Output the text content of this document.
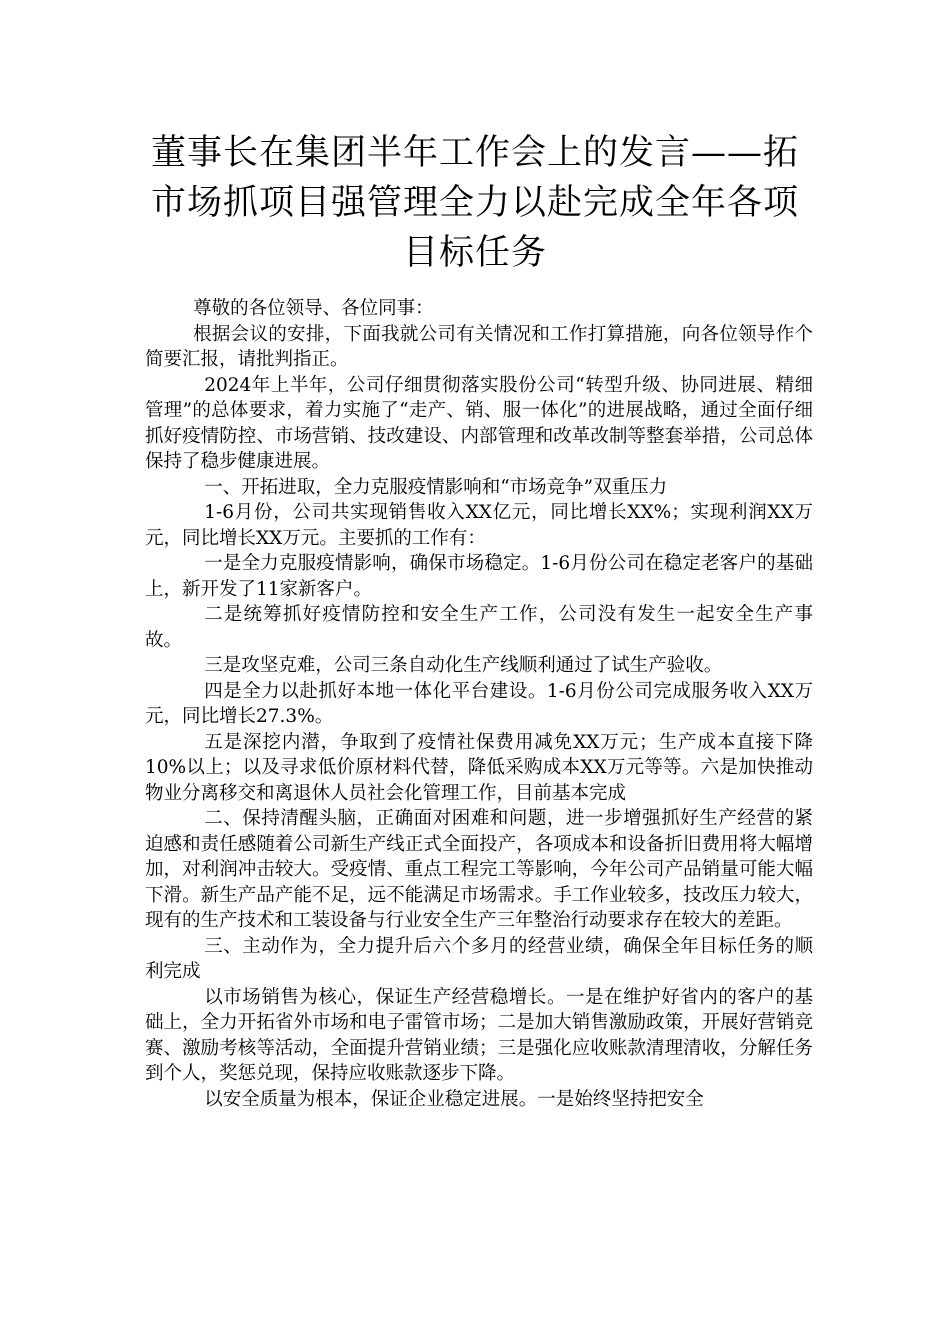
董事长在集团半年工作会上的发言——拓
市场抓项目强管理全力以赴完成全年各项
目标任务

尊敬的各位领导、各位同事：

根据会议的安排，下面我就公司有关情况和工作打算措施，向各位领导作个简要汇报，请批判指正。

2024年上半年，公司仔细贯彻落实股份公司“转型升级、协同进展、精细管理”的总体要求，着力实施了“走产、销、服一体化”的进展战略，通过全面仔细抓好疫情防控、市场营销、技改建设、内部管理和改革改制等整套举措，公司总体保持了稳步健康进展。

一、开拓进取，全力克服疫情影响和“市场竞争”双重压力

1-6月份，公司共实现销售收入XX亿元，同比增长XX%；实现利润XX万元，同比增长XX万元。主要抓的工作有：

一是全力克服疫情影响，确保市场稳定。1-6月份公司在稳定老客户的基础上，新开发了11家新客户。

二是统筹抓好疫情防控和安全生产工作，公司没有发生一起安全生产事故。

三是攻坚克难，公司三条自动化生产线顺利通过了试生产验收。

四是全力以赴抓好本地一体化平台建设。1-6月份公司完成服务收入XX万元，同比增长27.3%。

五是深挖内潜，争取到了疫情社保费用减免XX万元；生产成本直接下降10%以上；以及寻求低价原材料代替，降低采购成本XX万元等等。六是加快推动物业分离移交和离退休人员社会化管理工作，目前基本完成

二、保持清醒头脑，正确面对困难和问题，进一步增强抓好生产经营的紧迫感和责任感随着公司新生产线正式全面投产，各项成本和设备折旧费用将大幅增加，对利润冲击较大。受疫情、重点工程完工等影响，今年公司产品销量可能大幅下滑。新生产品产能不足，远不能满足市场需求。手工作业较多，技改压力较大，现有的生产技术和工装设备与行业安全生产三年整治行动要求存在较大的差距。

三、主动作为，全力提升后六个多月的经营业绩，确保全年目标任务的顺利完成

以市场销售为核心，保证生产经营稳增长。一是在维护好省内的客户的基础上，全力开拓省外市场和电子雷管市场；二是加大销售激励政策，开展好营销竞赛、激励考核等活动，全面提升营销业绩；三是强化应收账款清理清收，分解任务到个人，奖惩兑现，保持应收账款逐步下降。

以安全质量为根本，保证企业稳定进展。一是始终坚持把安全
